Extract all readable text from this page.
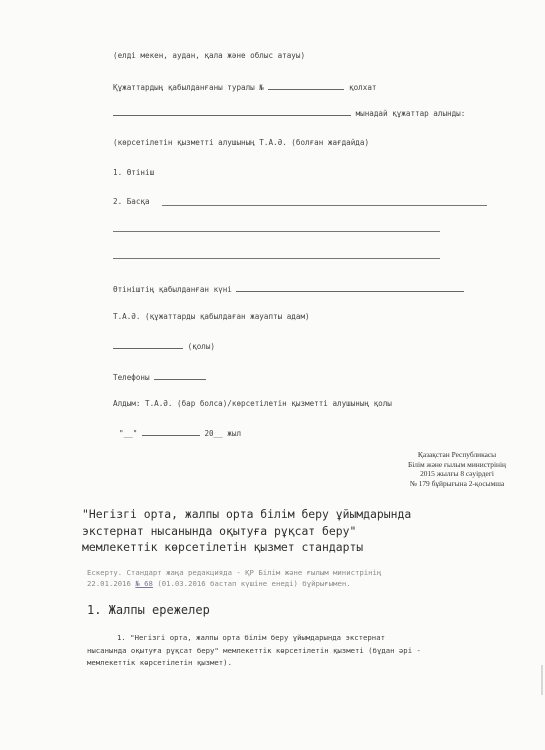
(елді мекен, аудан, қала және облыс атауы)
Құжаттардың қабылданғаны туралы №	қолхат
мынадай құжаттар алынды:
(көрсетілетін қызметті алушының Т.А.Ә. (болған жағдайда)
1. Өтініш
2. Басқа
Өтініштің қабылданған күні
Т.А.Ә. (құжаттарды қабылдаған жауапты адам)
(қолы)
Телефоны
Алдым: Т.А.Ә. (бар болса)/көрсетілетін қызметті алушының қолы
"__"	20__ жыл
Қазақстан Республикасы
Білім және ғылым министрінің
2015 жылғы 8 сәуірдегі
№ 179 бұйрығына 2-қосымша
"Негізгі орта, жалпы орта білім беру ұйымдарында
экстернат нысанында оқытуға рұқсат беру"
мемлекеттік көрсетілетін қызмет стандарты
Ескерту. Стандарт жаңа редакцияда - ҚР Білім және ғылым министрінің
22.01.2016 № 68 (01.03.2016 бастап күшіне енеді) бұйрығымен.
1. Жалпы ережелер
1. "Негізгі орта, жалпы орта білім беру ұйымдарында экстернат
нысанында оқытуға рұқсат беру" мемлекеттік көрсетілетін қызметі (бұдан әрі -
мемлекеттік көрсетілетін қызмет).
